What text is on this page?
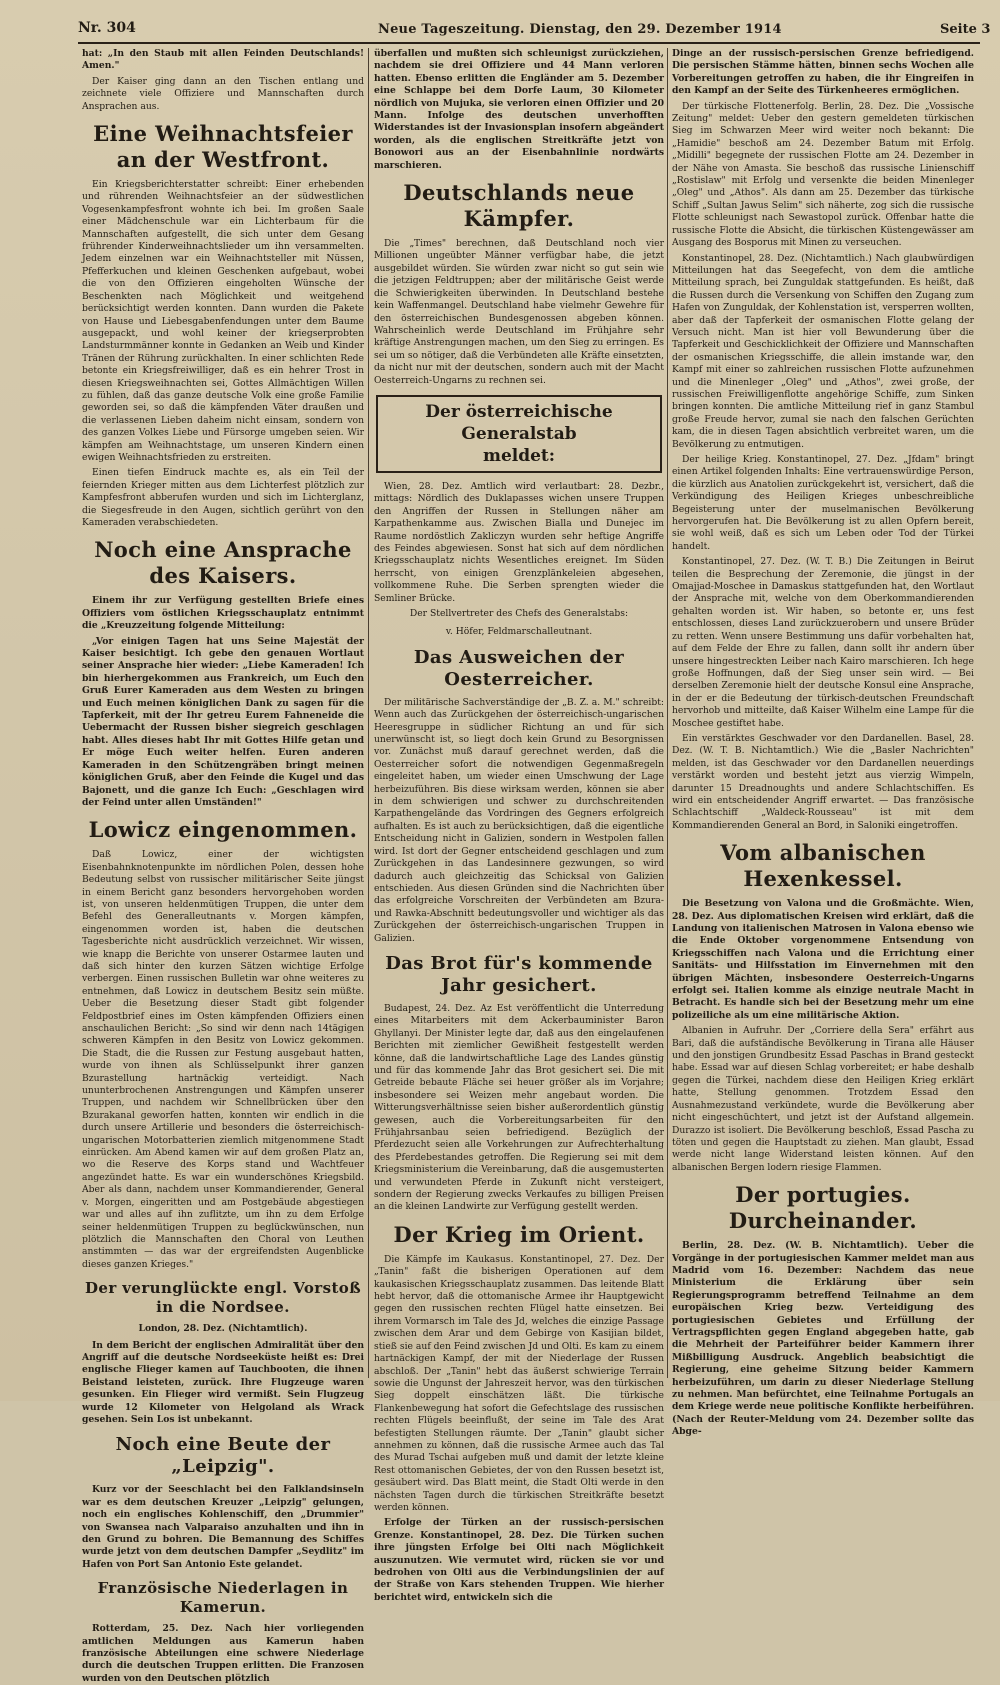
Nr. 304	Neue Tageszeitung. Dienstag, den 29. Dezember 1914	Seite 3

hat: „In den Staub mit allen Feinden Deutschlands! Amen."

Der Kaiser ging dann an den Tischen entlang und zeichnete viele Offiziere und Mannschaften durch Ansprachen aus.

Eine Weihnachtsfeier an der Westfront.

Ein Kriegsberichterstatter schreibt: Einer erhebenden und rührenden Weihnachtsfeier an der südwestlichen Vogesenkampfesfront wohnte ich bei. Im großen Saale einer Mädchenschule war ein Lichterbaum für die Mannschaften aufgestellt, die sich unter dem Gesang frührender Kinderweihnachtslieder um ihn versammelten. Jedem einzelnen war ein Weihnachtsteller mit Nüssen, Pfefferkuchen und kleinen Geschenken aufgebaut, wobei die von den Offizieren eingeholten Wünsche der Beschenkten nach Möglichkeit und weitgehend berücksichtigt werden konnten. Dann wurden die Pakete von Hause und Liebesgabenfendungen unter dem Baume ausgepackt, und wohl keiner der kriegserprobten Landsturmmänner konnte in Gedanken an Weib und Kinder Tränen der Rührung zurückhalten. In einer schlichten Rede betonte ein Kriegsfreiwilliger, daß es ein hehrer Trost in diesen Kriegsweihnachten sei, Gottes Allmächtigen Willen zu fühlen, daß das ganze deutsche Volk eine große Familie geworden sei, so daß die kämpfenden Väter draußen und die verlassenen Lieben daheim nicht einsam, sondern von des ganzen Volkes Liebe und Fürsorge umgeben seien. Wir kämpfen am Weihnachtstage, um unseren Kindern einen ewigen Weihnachtsfrieden zu erstreiten.

Einen tiefen Eindruck machte es, als ein Teil der feiernden Krieger mitten aus dem Lichterfest plötzlich zur Kampfesfront abberufen wurden und sich im Lichterglanz, die Siegesfreude in den Augen, sichtlich gerührt von den Kameraden verabschiedeten.

Noch eine Ansprache des Kaisers.

Einem ihr zur Verfügung gestellten Briefe eines Offiziers vom östlichen Kriegsschauplatz entnimmt die „Kreuzzeitung folgende Mitteilung:

„Vor einigen Tagen hat uns Seine Majestät der Kaiser besichtigt. Ich gebe den genauen Wortlaut seiner Ansprache hier wieder: „Liebe Kameraden! Ich bin hierhergekommen aus Frankreich, um Euch den Gruß Eurer Kameraden aus dem Westen zu bringen und Euch meinen königlichen Dank zu sagen für die Tapferkeit, mit der Ihr getreu Eurem Fahneneide die Uebermacht der Russen bisher siegreich geschlagen habt. Alles dieses habt Ihr mit Gottes Hilfe getan und Er möge Euch weiter helfen. Euren anderen Kameraden in den Schützengräben bringt meinen königlichen Gruß, aber den Feinde die Kugel und das Bajonett, und die ganze Ich Euch: „Geschlagen wird der Feind unter allen Umständen!"

Lowicz eingenommen.

Daß Lowicz, einer der wichtigsten Eisenbahnknotenpunkte im nördlichen Polen, dessen hohe Bedeutung selbst von russischer militärischer Seite jüngst in einem Bericht ganz besonders hervorgehoben worden ist, von unseren heldenmütigen Truppen, die unter dem Befehl des Generalleutnants v. Morgen kämpfen, eingenommen worden ist, haben die deutschen Tagesberichte nicht ausdrücklich verzeichnet. Wir wissen, wie knapp die Berichte von unserer Ostarmee lauten und daß sich hinter den kurzen Sätzen wichtige Erfolge verbergen. Einen russischen Bulletin war ohne weiteres zu entnehmen, daß Lowicz in deutschem Besitz sein müßte. Ueber die Besetzung dieser Stadt gibt folgender Feldpostbrief eines im Osten kämpfenden Offiziers einen anschaulichen Bericht: „So sind wir denn nach 14tägigen schweren Kämpfen in den Besitz von Lowicz gekommen. Die Stadt, die die Russen zur Festung ausgebaut hatten, wurde von ihnen als Schlüsselpunkt ihrer ganzen Bzurastellung hartnäckig verteidigt. Nach ununterbrochenen Anstrengungen und Kämpfen unserer Truppen, und nachdem wir Schnellbrücken über den Bzurakanal geworfen hatten, konnten wir endlich in die durch unsere Artillerie und besonders die österreichisch-ungarischen Motorbatterien ziemlich mitgenommene Stadt einrücken. Am Abend kamen wir auf dem großen Platz an, wo die Reserve des Korps stand und Wachtfeuer angezündet hatte. Es war ein wunderschönes Kriegsbild. Aber als dann, nachdem unser Kommandierender, General v. Morgen, eingeritten und am Postgebäude abgestiegen war und alles auf ihn zuflitzte, um ihn zu dem Erfolge seiner heldenmütigen Truppen zu beglückwünschen, nun plötzlich die Mannschaften den Choral von Leuthen anstimmten — das war der ergreifendsten Augenblicke dieses ganzen Krieges."

Der verunglückte engl. Vorstoß in die Nordsee.

London, 28. Dez. (Nichtamtlich).

In dem Bericht der englischen Admiralität über den Angriff auf die deutsche Nordseeküste heißt es: Drei englische Flieger kamen auf Tauchbooten, die ihnen Beistand leisteten, zurück. Ihre Flugzeuge waren gesunken. Ein Flieger wird vermißt. Sein Flugzeug wurde 12 Kilometer von Helgoland als Wrack gesehen. Sein Los ist unbekannt.

Noch eine Beute der „Leipzig".

Kurz vor der Seeschlacht bei den Falklandsinseln war es dem deutschen Kreuzer „Leipzig" gelungen, noch ein englisches Kohlenschiff, den „Drummier" von Swansea nach Valparaiso anzuhalten und ihn in den Grund zu bohren. Die Bemannung des Schiffes wurde jetzt von dem deutschen Dampfer „Seydlitz" im Hafen von Port San Antonio Este gelandet.

Französische Niederlagen in Kamerun.

Rotterdam, 25. Dez. Nach hier vorliegenden amtlichen Meldungen aus Kamerun haben französische Abteilungen eine schwere Niederlage durch die deutschen Truppen erlitten. Die Franzosen wurden von den Deutschen plötzlich

überfallen und mußten sich schleunigst zurückziehen, nachdem sie drei Offiziere und 44 Mann verloren hatten. Ebenso erlitten die Engländer am 5. Dezember eine Schlappe bei dem Dorfe Laum, 30 Kilometer nördlich von Mujuka, sie verloren einen Offizier und 20 Mann. Infolge des deutschen unverhofften Widerstandes ist der Invasionsplan insofern abgeändert worden, als die englischen Streitkräfte jetzt von Bonowori aus an der Eisenbahnlinie nordwärts marschieren.

Deutschlands neue Kämpfer.

Die „Times" berechnen, daß Deutschland noch vier Millionen ungeübter Männer verfügbar habe, die jetzt ausgebildet würden. Sie würden zwar nicht so gut sein wie die jetzigen Feldtruppen; aber der militärische Geist werde die Schwierigkeiten überwinden. In Deutschland bestehe kein Waffenmangel. Deutschland habe vielmehr Gewehre für den österreichischen Bundesgenossen abgeben können. Wahrscheinlich werde Deutschland im Frühjahre sehr kräftige Anstrengungen machen, um den Sieg zu erringen. Es sei um so nötiger, daß die Verbündeten alle Kräfte einsetzten, da nicht nur mit der deutschen, sondern auch mit der Macht Oesterreich-Ungarns zu rechnen sei.

Der österreichische Generalstab
meldet:

Wien, 28. Dez. Amtlich wird verlautbart: 28. Dezbr., mittags: Nördlich des Duklapasses wichen unsere Truppen den Angriffen der Russen in Stellungen näher am Karpathenkamme aus. Zwischen Bialla und Dunejec im Raume nordöstlich Zakliczyn wurden sehr heftige Angriffe des Feindes abgewiesen. Sonst hat sich auf dem nördlichen Kriegsschauplatz nichts Wesentliches ereignet. Im Süden herrscht, von einigen Grenzplänkeleien abgesehen, vollkommene Ruhe. Die Serben sprengten wieder die Semliner Brücke.

Der Stellvertreter des Chefs des Generalstabs:

v. Höfer, Feldmarschalleutnant.

Das Ausweichen der Oesterreicher.

Der militärische Sachverständige der „B. Z. a. M." schreibt: Wenn auch das Zurückgehen der österreichisch-ungarischen Heeresgruppe in südlicher Richtung an und für sich unerwünscht ist, so liegt doch kein Grund zu Besorgnissen vor. Zunächst muß darauf gerechnet werden, daß die Oesterreicher sofort die notwendigen Gegenmaßregeln eingeleitet haben, um wieder einen Umschwung der Lage herbeizuführen. Bis diese wirksam werden, können sie aber in dem schwierigen und schwer zu durchschreitenden Karpathengelände das Vordringen des Gegners erfolgreich aufhalten. Es ist auch zu berücksichtigen, daß die eigentliche Entscheidung nicht in Galizien, sondern in Westpolen fallen wird. Ist dort der Gegner entscheidend geschlagen und zum Zurückgehen in das Landesinnere gezwungen, so wird dadurch auch gleichzeitig das Schicksal von Galizien entschieden. Aus diesen Gründen sind die Nachrichten über das erfolgreiche Vorschreiten der Verbündeten am Bzura- und Rawka-Abschnitt bedeutungsvoller und wichtiger als das Zurückgehen der österreichisch-ungarischen Truppen in Galizien.

Das Brot für's kommende Jahr gesichert.

Budapest, 24. Dez. Az Est veröffentlicht die Unterredung eines Mitarbeiters mit dem Ackerbauminister Baron Ghyllanyi. Der Minister legte dar, daß aus den eingelaufenen Berichten mit ziemlicher Gewißheit festgestellt werden könne, daß die landwirtschaftliche Lage des Landes günstig und für das kommende Jahr das Brot gesichert sei. Die mit Getreide bebaute Fläche sei heuer größer als im Vorjahre; insbesondere sei Weizen mehr angebaut worden. Die Witterungsverhältnisse seien bisher außerordentlich günstig gewesen, auch die Vorbereitungsarbeiten für den Frühjahrsanbau seien befriedigend. Bezüglich der Pferdezucht seien alle Vorkehrungen zur Aufrechterhaltung des Pferdebestandes getroffen. Die Regierung sei mit dem Kriegsministerium die Vereinbarung, daß die ausgemusterten und verwundeten Pferde in Zukunft nicht versteigert, sondern der Regierung zwecks Verkaufes zu billigen Preisen an die kleinen Landwirte zur Verfügung gestellt werden.

Der Krieg im Orient.

Die Kämpfe im Kaukasus. Konstantinopel, 27. Dez. Der „Tanin" faßt die bisherigen Operationen auf dem kaukasischen Kriegsschauplatz zusammen. Das leitende Blatt hebt hervor, daß die ottomanische Armee ihr Hauptgewicht gegen den russischen rechten Flügel hatte einsetzen. Bei ihrem Vormarsch im Tale des Jd, welches die einzige Passage zwischen dem Arar und dem Gebirge von Kasijian bildet, stieß sie auf den Feind zwischen Jd und Olti. Es kam zu einem hartnäckigen Kampf, der mit der Niederlage der Russen abschloß. Der „Tanin" hebt das äußerst schwierige Terrain sowie die Ungunst der Jahreszeit hervor, was den türkischen Sieg doppelt einschätzen läßt. Die türkische Flankenbewegung hat sofort die Gefechtslage des russischen rechten Flügels beeinflußt, der seine im Tale des Arat befestigten Stellungen räumte. Der „Tanin" glaubt sicher annehmen zu können, daß die russische Armee auch das Tal des Murad Tschai aufgeben muß und damit der letzte kleine Rest ottomanischen Gebietes, der von den Russen besetzt ist, gesäubert wird. Das Blatt meint, die Stadt Olti werde in den nächsten Tagen durch die türkischen Streitkräfte besetzt werden können.

Erfolge der Türken an der russisch-persischen Grenze. Konstantinopel, 28. Dez. Die Türken suchen ihre jüngsten Erfolge bei Olti nach Möglichkeit auszunutzen. Wie vermutet wird, rücken sie vor und bedrohen von Olti aus die Verbindungslinien der auf der Straße von Kars stehenden Truppen. Wie hierher berichtet wird, entwickeln sich die

Dinge an der russisch-persischen Grenze befriedigend. Die persischen Stämme hätten, binnen sechs Wochen alle Vorbereitungen getroffen zu haben, die ihr Eingreifen in den Kampf an der Seite des Türkenheeres ermöglichen.

Der türkische Flottenerfolg. Berlin, 28. Dez. Die „Vossische Zeitung" meldet: Ueber den gestern gemeldeten türkischen Sieg im Schwarzen Meer wird weiter noch bekannt: Die „Hamidie" beschoß am 24. Dezember Batum mit Erfolg. „Midilli" begegnete der russischen Flotte am 24. Dezember in der Nähe von Amasta. Sie beschoß das russische Linienschiff „Rostislaw" mit Erfolg und versenkte die beiden Minenleger „Oleg" und „Athos". Als dann am 25. Dezember das türkische Schiff „Sultan Jawus Selim" sich näherte, zog sich die russische Flotte schleunigst nach Sewastopol zurück. Offenbar hatte die russische Flotte die Absicht, die türkischen Küstengewässer am Ausgang des Bosporus mit Minen zu verseuchen.

Konstantinopel, 28. Dez. (Nichtamtlich.) Nach glaubwürdigen Mitteilungen hat das Seegefecht, von dem die amtliche Mitteilung sprach, bei Zunguldak stattgefunden. Es heißt, daß die Russen durch die Versenkung von Schiffen den Zugang zum Hafen von Zunguldak, der Kohlenstation ist, versperren wollten, aber daß der Tapferkeit der osmanischen Flotte gelang der Versuch nicht. Man ist hier voll Bewunderung über die Tapferkeit und Geschicklichkeit der Offiziere und Mannschaften der osmanischen Kriegsschiffe, die allein imstande war, den Kampf mit einer so zahlreichen russischen Flotte aufzunehmen und die Minenleger „Oleg" und „Athos", zwei große, der russischen Freiwilligenflotte angehörige Schiffe, zum Sinken bringen konnten. Die amtliche Mitteilung rief in ganz Stambul große Freude hervor, zumal sie nach den falschen Gerüchten kam, die in diesen Tagen absichtlich verbreitet waren, um die Bevölkerung zu entmutigen.

Der heilige Krieg. Konstantinopel, 27. Dez. „Jfdam" bringt einen Artikel folgenden Inhalts: Eine vertrauenswürdige Person, die kürzlich aus Anatolien zurückgekehrt ist, versichert, daß die Verkündigung des Heiligen Krieges unbeschreibliche Begeisterung unter der muselmanischen Bevölkerung hervorgerufen hat. Die Bevölkerung ist zu allen Opfern bereit, sie wohl weiß, daß es sich um Leben oder Tod der Türkei handelt.

Konstantinopel, 27. Dez. (W. T. B.) Die Zeitungen in Beirut teilen die Besprechung der Zeremonie, die jüngst in der Omajjad-Moschee in Damaskus stattgefunden hat, den Wortlaut der Ansprache mit, welche von dem Oberkommandierenden gehalten worden ist. Wir haben, so betonte er, uns fest entschlossen, dieses Land zurückzuerobern und unsere Brüder zu retten. Wenn unsere Bestimmung uns dafür vorbehalten hat, auf dem Felde der Ehre zu fallen, dann sollt ihr andern über unsere hingestreckten Leiber nach Kairo marschieren. Ich hege große Hoffnungen, daß der Sieg unser sein wird. — Bei derselben Zeremonie hielt der deutsche Konsul eine Ansprache, in der er die Bedeutung der türkisch-deutschen Freundschaft hervorhob und mitteilte, daß Kaiser Wilhelm eine Lampe für die Moschee gestiftet habe.

Ein verstärktes Geschwader vor den Dardanellen. Basel, 28. Dez. (W. T. B. Nichtamtlich.) Wie die „Basler Nachrichten" melden, ist das Geschwader vor den Dardanellen neuerdings verstärkt worden und besteht jetzt aus vierzig Wimpeln, darunter 15 Dreadnoughts und andere Schlachtschiffen. Es wird ein entscheidender Angriff erwartet. — Das französische Schlachtschiff „Waldeck-Rousseau" ist mit dem Kommandierenden General an Bord, in Saloniki eingetroffen.

Vom albanischen Hexenkessel.

Die Besetzung von Valona und die Großmächte. Wien, 28. Dez. Aus diplomatischen Kreisen wird erklärt, daß die Landung von italienischen Matrosen in Valona ebenso wie die Ende Oktober vorgenommene Entsendung von Kriegsschiffen nach Valona und die Errichtung einer Sanitäts- und Hilfsstation im Einvernehmen mit den übrigen Mächten, insbesondere Oesterreich-Ungarns erfolgt sei. Italien komme als einzige neutrale Macht in Betracht. Es handle sich bei der Besetzung mehr um eine polizeiliche als um eine militärische Aktion.

Albanien in Aufruhr. Der „Corriere della Sera" erfährt aus Bari, daß die aufständische Bevölkerung in Tirana alle Häuser und den jonstigen Grundbesitz Essad Paschas in Brand gesteckt habe. Essad war auf diesen Schlag vorbereitet; er habe deshalb gegen die Türkei, nachdem diese den Heiligen Krieg erklärt hatte, Stellung genommen. Trotzdem Essad den Ausnahmezustand verkündete, wurde die Bevölkerung aber nicht eingeschüchtert, und jetzt ist der Aufstand allgemein. Durazzo ist isoliert. Die Bevölkerung beschloß, Essad Pascha zu töten und gegen die Hauptstadt zu ziehen. Man glaubt, Essad werde nicht lange Widerstand leisten können. Auf den albanischen Bergen lodern riesige Flammen.

Der portugies. Durcheinander.

Berlin, 28. Dez. (W. B. Nichtamtlich). Ueber die Vorgänge in der portugiesischen Kammer meldet man aus Madrid vom 16. Dezember: Nachdem das neue Ministerium die Erklärung über sein Regierungsprogramm betreffend Teilnahme an dem europäischen Krieg bezw. Verteidigung des portugiesischen Gebietes und Erfüllung der Vertragspflichten gegen England abgegeben hatte, gab die Mehrheit der Parteiführer beider Kammern ihrer Mißbilligung Ausdruck. Angeblich beabsichtigt die Regierung, eine geheime Sitzung beider Kammern herbeizuführen, um darin zu dieser Niederlage Stellung zu nehmen. Man befürchtet, eine Teilnahme Portugals an dem Kriege werde neue politische Konflikte herbeiführen. (Nach der Reuter-Meldung vom 24. Dezember sollte das Abge-
